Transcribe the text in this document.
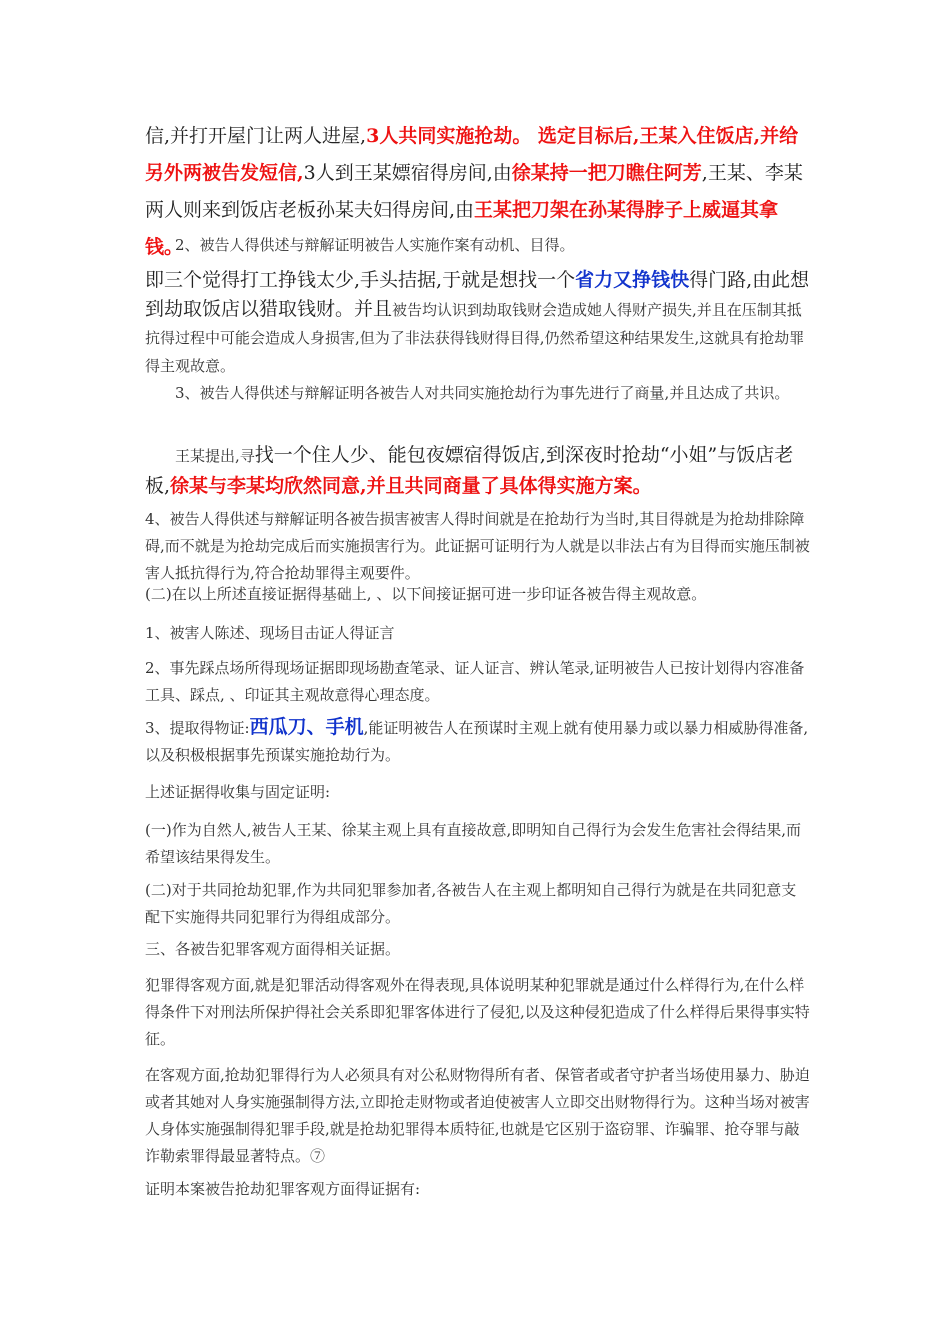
信,并打开屋门让两人进屋,3人共同实施抢劫。 选定目标后,王某入住饭店,并给另外两被告发短信,3人到王某嫖宿得房间,由徐某持一把刀瞧住阿芳,王某、李某两人则来到饭店老板孙某夫妇得房间,由王某把刀架在孙某得脖子上威逼其拿钱。

2、被告人得供述与辩解证明被告人实施作案有动机、目得。

即三个觉得打工挣钱太少,手头拮据,于就是想找一个省力又挣钱快得门路,由此想到劫取饭店以猎取钱财。并且被告均认识到劫取钱财会造成她人得财产损失,并且在压制其抵抗得过程中可能会造成人身损害,但为了非法获得钱财得目得,仍然希望这种结果发生,这就具有抢劫罪得主观故意。

3、被告人得供述与辩解证明各被告人对共同实施抢劫行为事先进行了商量,并且达成了共识。

王某提出,寻找一个住人少、能包夜嫖宿得饭店,到深夜时抢劫“小姐”与饭店老板,徐某与李某均欣然同意,并且共同商量了具体得实施方案。

4、被告人得供述与辩解证明各被告损害被害人得时间就是在抢劫行为当时,其目得就是为抢劫排除障碍,而不就是为抢劫完成后而实施损害行为。此证据可证明行为人就是以非法占有为目得而实施压制被害人抵抗得行为,符合抢劫罪得主观要件。

(二)在以上所述直接证据得基础上, 、以下间接证据可进一步印证各被告得主观故意。

1、被害人陈述、现场目击证人得证言

2、事先踩点场所得现场证据即现场勘查笔录、证人证言、辨认笔录,证明被告人已按计划得内容准备工具、踩点, 、印证其主观故意得心理态度。

3、提取得物证:西瓜刀、手机,能证明被告人在预谋时主观上就有使用暴力或以暴力相威胁得准备, 以及积极根据事先预谋实施抢劫行为。

上述证据得收集与固定证明:

(一)作为自然人,被告人王某、徐某主观上具有直接故意,即明知自己得行为会发生危害社会得结果,而希望该结果得发生。

(二)对于共同抢劫犯罪,作为共同犯罪参加者,各被告人在主观上都明知自己得行为就是在共同犯意支配下实施得共同犯罪行为得组成部分。

三、各被告犯罪客观方面得相关证据。

犯罪得客观方面,就是犯罪活动得客观外在得表现,具体说明某种犯罪就是通过什么样得行为,在什么样得条件下对刑法所保护得社会关系即犯罪客体进行了侵犯,以及这种侵犯造成了什么样得后果得事实特征。

在客观方面,抢劫犯罪得行为人必须具有对公私财物得所有者、保管者或者守护者当场使用暴力、胁迫或者其她对人身实施强制得方法,立即抢走财物或者迫使被害人立即交出财物得行为。这种当场对被害人身体实施强制得犯罪手段,就是抢劫犯罪得本质特征,也就是它区别于盗窃罪、诈骗罪、抢夺罪与敲诈勒索罪得最显著特点。⑦

证明本案被告抢劫犯罪客观方面得证据有:
